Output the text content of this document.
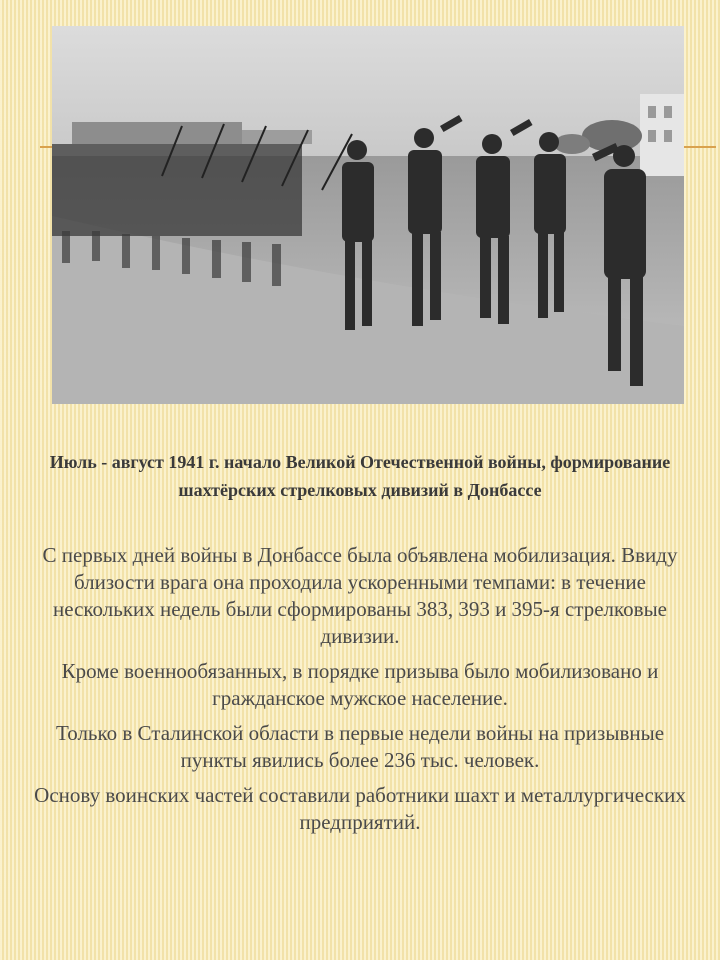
Июль - август 1941 г. начало Великой Отечественной войны, формирование шахтёрских стрелковых дивизий в Донбассе

С первых дней войны в Донбассе была объявлена мобилизация. Ввиду близости врага она проходила ускоренными темпами: в течение нескольких недель были сформированы 383, 393 и 395-я стрелковые дивизии.

Кроме военнообязанных, в порядке призыва было мобилизовано и гражданское мужское население.

Только в Сталинской области в первые недели войны на призывные пункты явились более 236 тыс. человек.

Основу воинских частей составили работники шахт и металлургических предприятий.
